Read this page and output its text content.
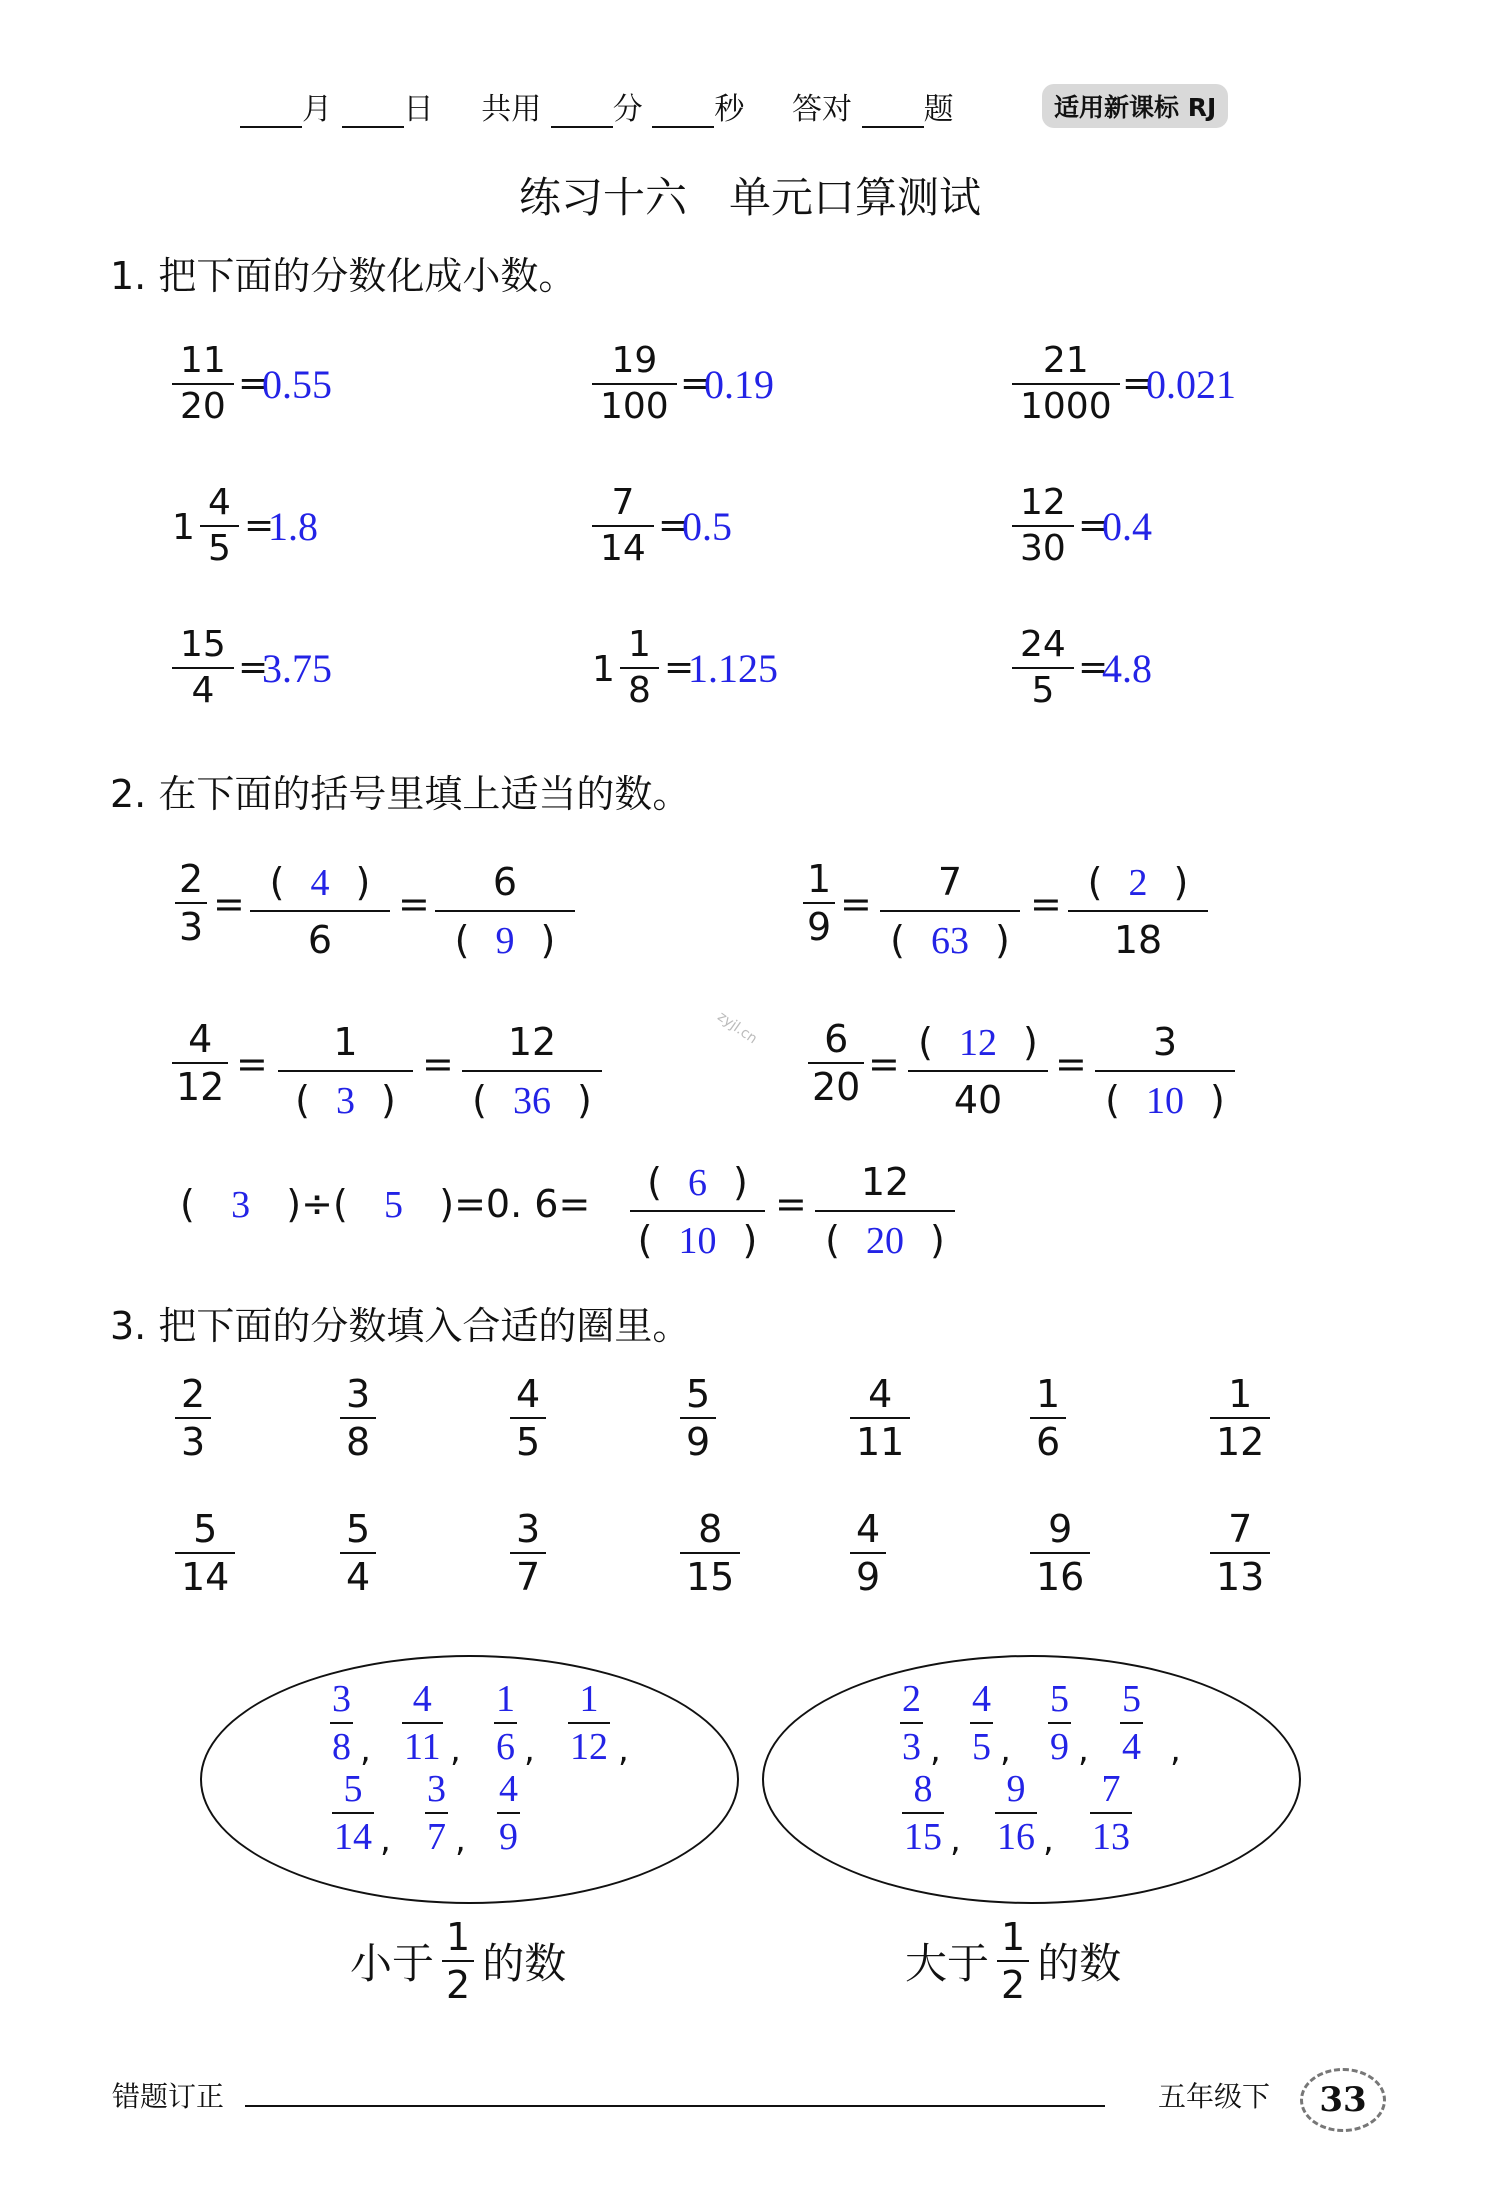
月 日 共用 分 秒 答对 题	适用新课标 RJ
练习十六　单元口算测试
1. 把下面的分数化成小数。
11
20
=
0.55
19
100
=
0.19
21
1000
=
0.021
1
4
5
=
1.8
7
14
=
0.5
12
30
=
0.4
15
4
=
3.75	1
1
8
=
1.125
24
5
=
4.8
2. 在下面的括号里填上适当的数。
2
3
= ( 4 )
6
=	6
( 9 )
1
9
=	7
( 63 )
= ( 2 )
18
4
12
=	1
( 3 )
=	12
( 36 )
6
20
= ( 12 )
40
=	3
( 10 )
(   3   )÷(   5   )=0. 6=	( 6 )
( 10 )
=	12
( 20 )
3. 把下面的分数填入合适的圈里。
2
3
3
8
4
5
5
9
4
11
1
6
1
12
5
14
5
4
3
7
8
15
4
9
9
16
7
13
3
8 ,
4
11 ,
1
6 ,
1
12 ,
5
14 ,
3
7 ,
4
9
2
3 ,
4
5 ,
5
9 ,
5
4 ,
8
15 ,
9
16 ,
7
13
小于
1
2 的数	大于
1
2 的数
zyjl.cn
错题订正	五年级下	33
